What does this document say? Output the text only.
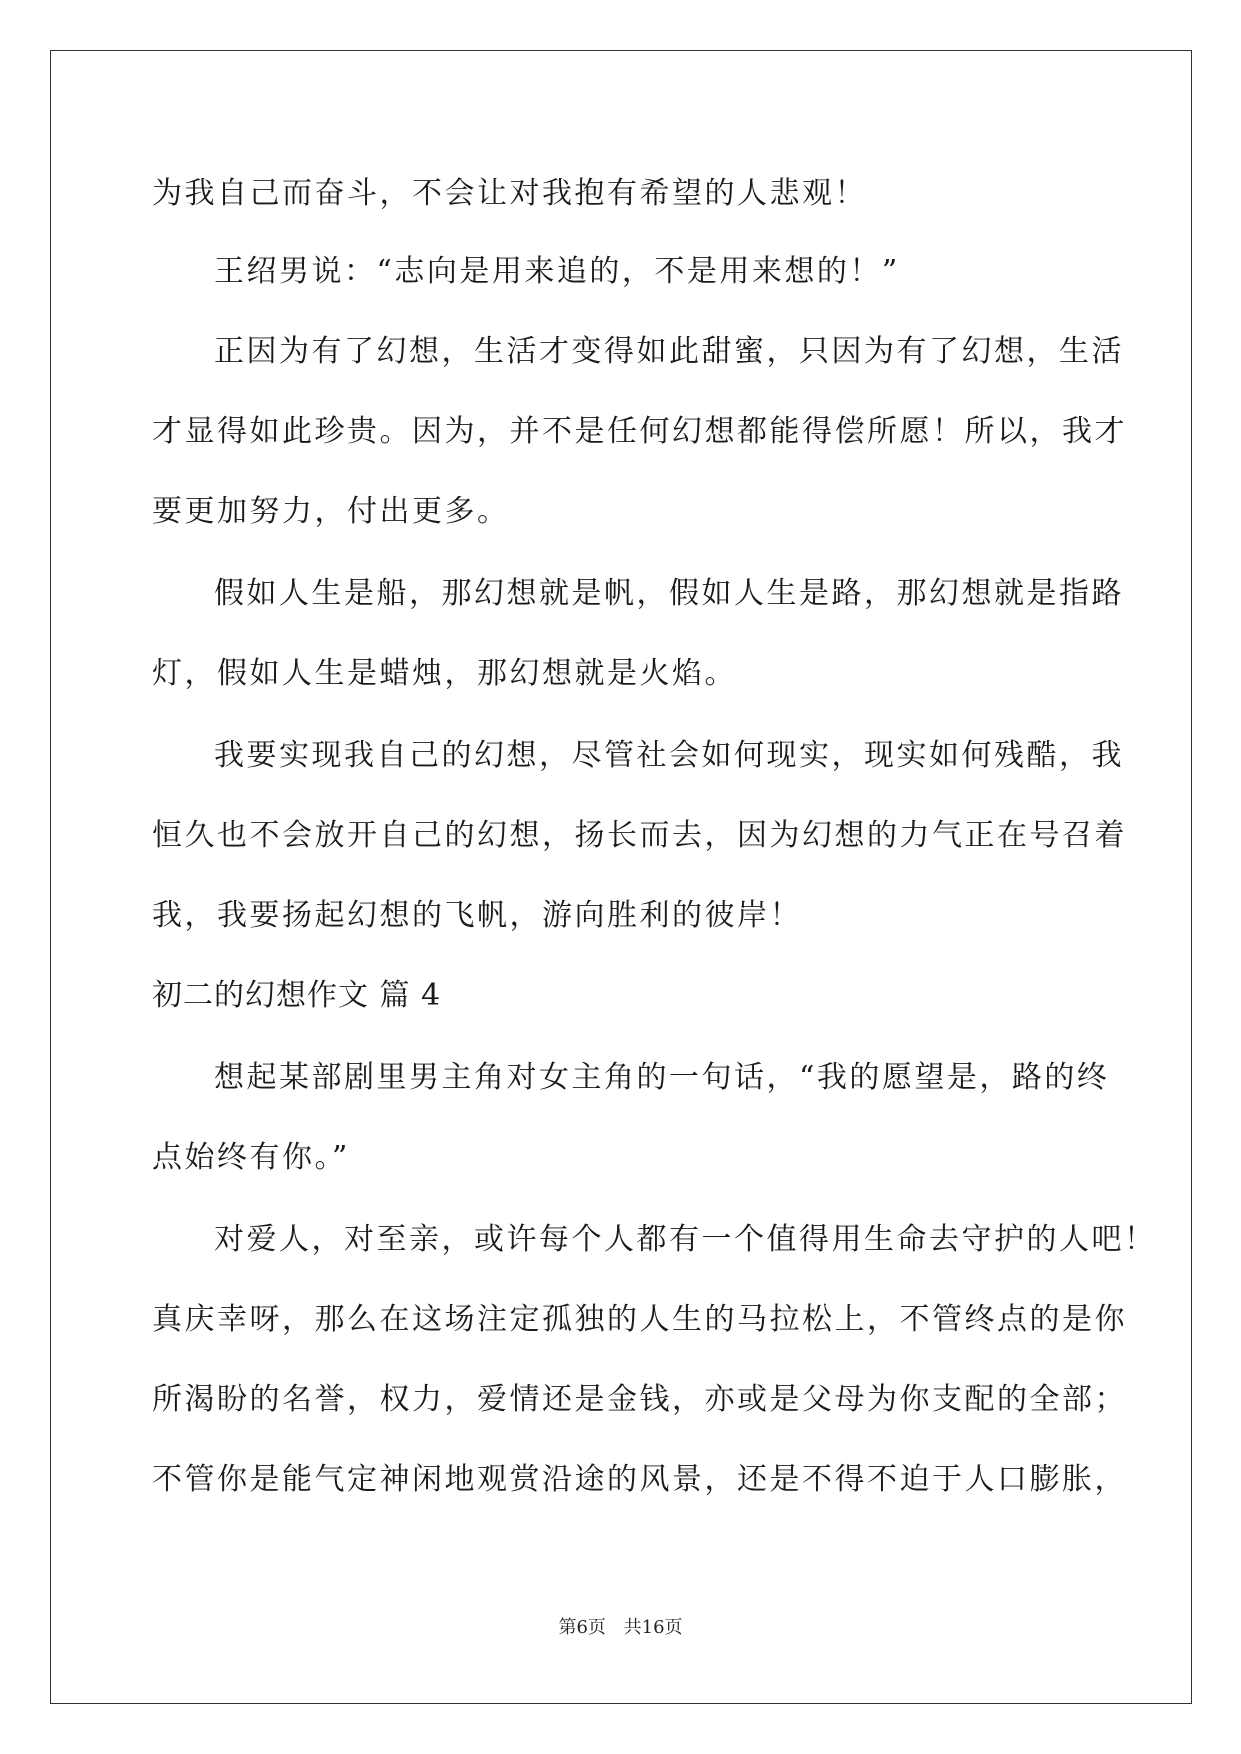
为我自己而奋斗，不会让对我抱有希望的人悲观！
王绍男说：“志向是用来追的，不是用来想的！”
正因为有了幻想，生活才变得如此甜蜜，只因为有了幻想，生活
才显得如此珍贵。因为，并不是任何幻想都能得偿所愿！所以，我才
要更加努力，付出更多。
假如人生是船，那幻想就是帆，假如人生是路，那幻想就是指路
灯，假如人生是蜡烛，那幻想就是火焰。
我要实现我自己的幻想，尽管社会如何现实，现实如何残酷，我
恒久也不会放开自己的幻想，扬长而去，因为幻想的力气正在号召着
我，我要扬起幻想的飞帆，游向胜利的彼岸！
初二的幻想作文 篇 4
想起某部剧里男主角对女主角的一句话，“我的愿望是，路的终
点始终有你。”
对爱人，对至亲，或许每个人都有一个值得用生命去守护的人吧！
真庆幸呀，那么在这场注定孤独的人生的马拉松上，不管终点的是你
所渴盼的名誉，权力，爱情还是金钱，亦或是父母为你支配的全部；
不管你是能气定神闲地观赏沿途的风景，还是不得不迫于人口膨胀，
第6页 共16页
